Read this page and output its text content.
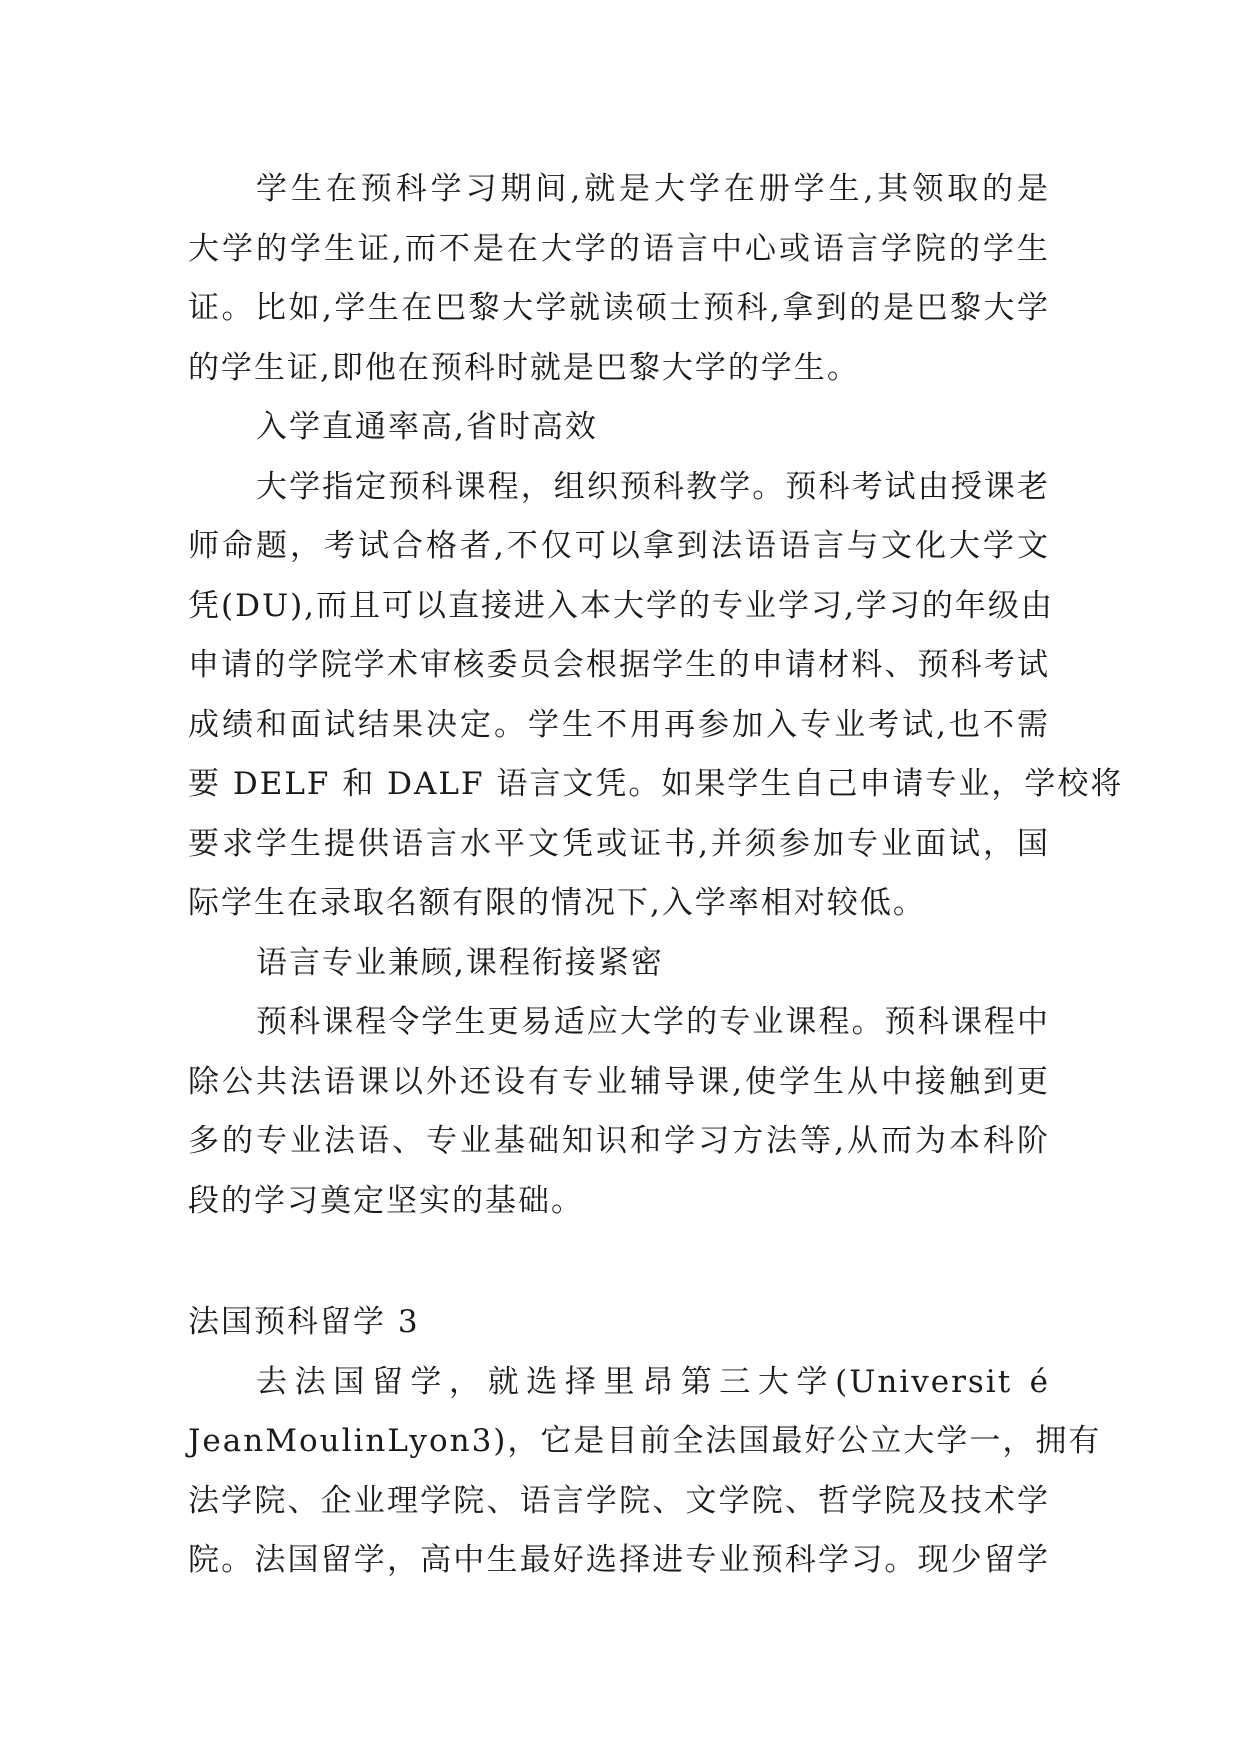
学生在预科学习期间,就是大学在册学生,其领取的是
大学的学生证,而不是在大学的语言中心或语言学院的学生
证。比如,学生在巴黎大学就读硕士预科,拿到的是巴黎大学
的学生证,即他在预科时就是巴黎大学的学生。
入学直通率高,省时高效
大学指定预科课程，组织预科教学。预科考试由授课老
师命题，考试合格者,不仅可以拿到法语语言与文化大学文
凭(DU),而且可以直接进入本大学的专业学习,学习的年级由
申请的学院学术审核委员会根据学生的申请材料、预科考试
成绩和面试结果决定。学生不用再参加入专业考试,也不需
要 DELF 和 DALF 语言文凭。如果学生自己申请专业，学校将
要求学生提供语言水平文凭或证书,并须参加专业面试，国
际学生在录取名额有限的情况下,入学率相对较低。
语言专业兼顾,课程衔接紧密
预科课程令学生更易适应大学的专业课程。预科课程中
除公共法语课以外还设有专业辅导课,使学生从中接触到更
多的专业法语、专业基础知识和学习方法等,从而为本科阶
段的学习奠定坚实的基础。
法国预科留学 3
去法国留学，就选择里昂第三大学(Universit é
JeanMoulinLyon3)，它是目前全法国最好公立大学一，拥有
法学院、企业理学院、语言学院、文学院、哲学院及技术学
院。法国留学，高中生最好选择进专业预科学习。现少留学
